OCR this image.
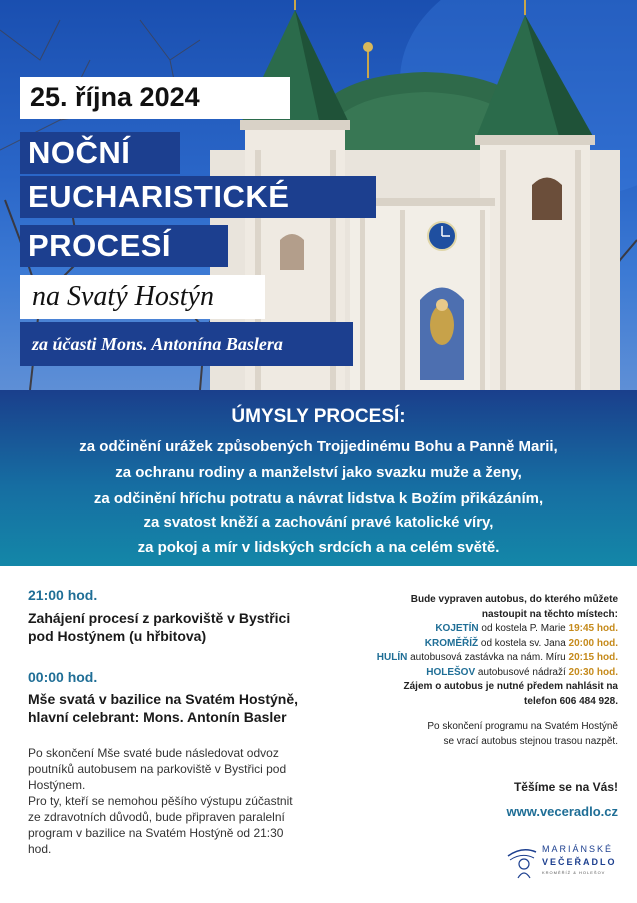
25. října 2024
NOČNÍ
EUCHARISTICKÉ
PROCESÍ
na Svatý Hostýn
za účasti Mons. Antonína Baslera
ÚMYSLY PROCESÍ:
za odčinění urážek způsobených Trojjedinému Bohu a Panně Marii,
za ochranu rodiny a manželství jako svazku muže a ženy,
za odčinění hříchu potratu a návrat lidstva k Božím přikázáním,
za svatost kněží a zachování pravé katolické víry,
za pokoj a mír v lidských srdcích a na celém světě.
21:00 hod.
Zahájení procesí z parkoviště v Bystřici
pod Hostýnem (u hřbitova)
00:00 hod.
Mše svatá v bazilice na Svatém Hostýně,
hlavní celebrant: Mons. Antonín Basler
Po skončení Mše svaté bude následovat odvoz
poutníků autobusem na parkoviště v Bystřici pod
Hostýnem.
Pro ty, kteří se nemohou pěšího výstupu zúčastnit
ze zdravotních důvodů, bude připraven paralelní
program v bazilice na Svatém Hostýně od 21:30
hod.
Bude vypraven autobus, do kterého můžete
nastoupit na těchto místech:
KOJETÍN od kostela P. Marie 19:45 hod.
KROMĚŘÍŽ od kostela sv. Jana 20:00 hod.
HULÍN autobusová zastávka na nám. Míru 20:15 hod.
HOLEŠOV autobusové nádraží 20:30 hod.
Zájem o autobus je nutné předem nahlásit na
telefon 606 484 928.
Po skončení programu na Svatém Hostýně
se vrací autobus stejnou trasou nazpět.
Těšíme se na Vás!
www.veceradlo.cz
MARIÁNSKÉ
VEČEŘADLO
KROMĚŘÍŽ & HOLEŠOV
